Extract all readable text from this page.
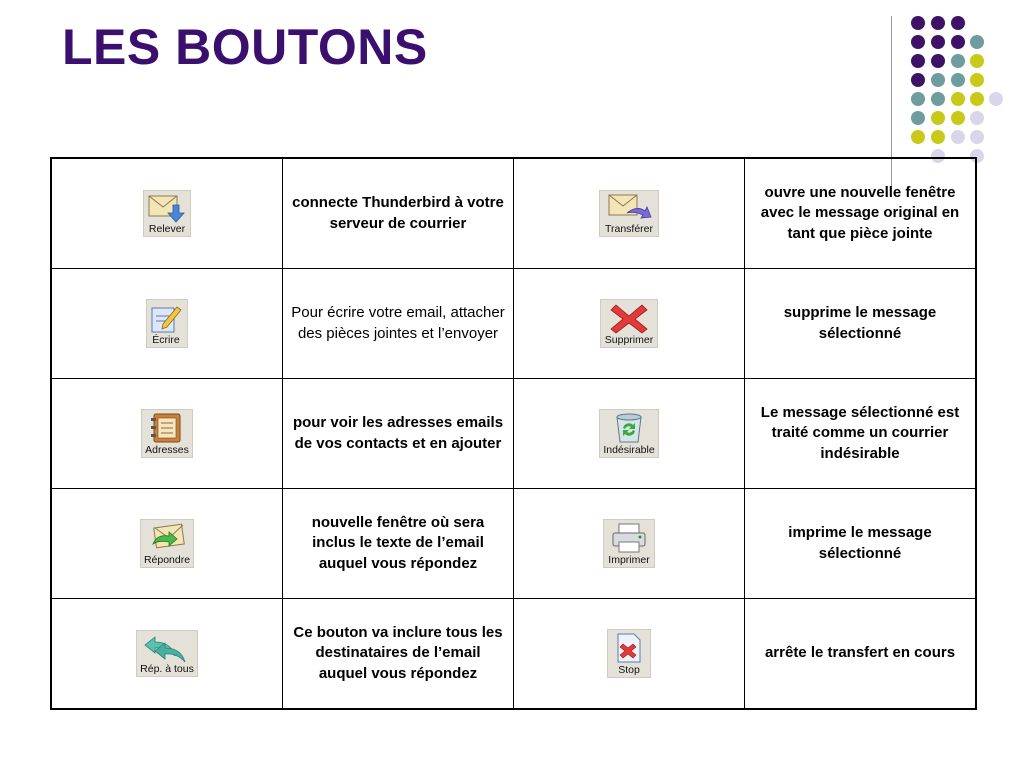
LES BOUTONS
Relever	connecte Thunderbird à votre serveur de courrier	Transférer	ouvre une nouvelle fenêtre avec le message original en tant que pièce jointe

Écrire	Pour écrire votre email, attacher des pièces jointes et l’envoyer	Supprimer	supprime le message sélectionné

Adresses	pour voir les adresses emails de vos contacts et en ajouter	Indésirable	Le message sélectionné est traité comme un courrier indésirable

Répondre	nouvelle fenêtre où sera inclus le texte de l’email auquel vous répondez	Imprimer	imprime le message sélectionné

Rép. à tous	Ce bouton va inclure tous les destinataires de l’email auquel vous répondez	Stop	arrête le transfert en cours
